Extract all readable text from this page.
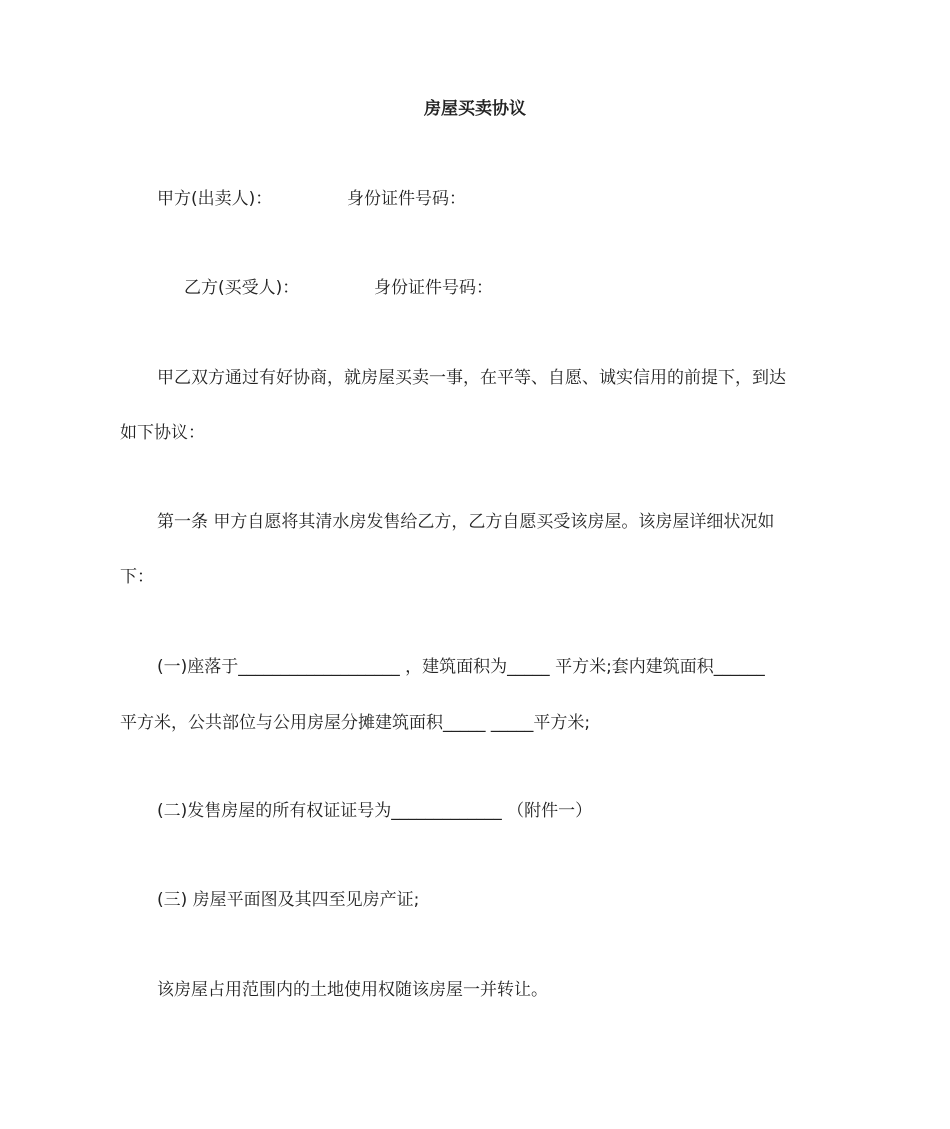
房屋买卖协议
甲方(出卖人)：	身份证件号码：
乙方(买受人)：	身份证件号码：
甲乙双方通过有好协商，就房屋买卖一事，在平等、自愿、诚实信用的前提下，到达
如下协议：
第一条 甲方自愿将其清水房发售给乙方，乙方自愿买受该房屋。该房屋详细状况如
下：
(一)座落于___________________ ，建筑面积为_____ 平方米;套内建筑面积______
平方米，公共部位与公用房屋分摊建筑面积_____ _____平方米;
(二)发售房屋的所有权证证号为_____________ （附件一）
(三) 房屋平面图及其四至见房产证;
该房屋占用范围内的土地使用权随该房屋一并转让。
